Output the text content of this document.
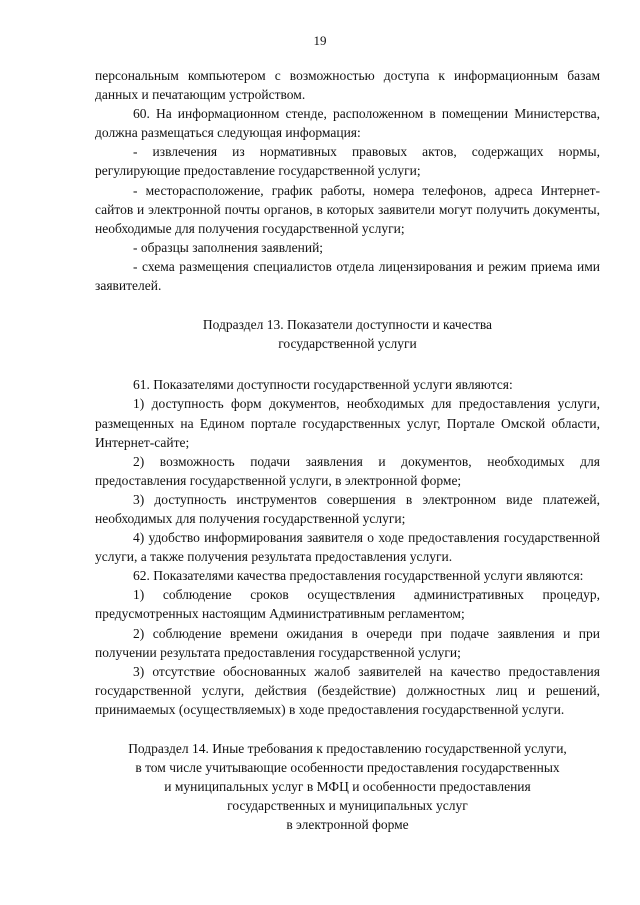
19

персональным компьютером с возможностью доступа к информационным базам данных и печатающим устройством.

60. На информационном стенде, расположенном в помещении Министерства, должна размещаться следующая информация:

- извлечения из нормативных правовых актов, содержащих нормы, регулирующие предоставление государственной услуги;

- месторасположение, график работы, номера телефонов, адреса Интернет-сайтов и электронной почты органов, в которых заявители могут получить документы, необходимые для получения государственной услуги;

- образцы заполнения заявлений;

- схема размещения специалистов отдела лицензирования и режим приема ими заявителей.

Подраздел 13. Показатели доступности и качества
государственной услуги

61. Показателями доступности государственной услуги являются:

1) доступность форм документов, необходимых для предоставления услуги, размещенных на Едином портале государственных услуг, Портале Омской области, Интернет-сайте;

2) возможность подачи заявления и документов, необходимых для предоставления государственной услуги, в электронной форме;

3) доступность инструментов совершения в электронном виде платежей, необходимых для получения государственной услуги;

4) удобство информирования заявителя о ходе предоставления государственной услуги, а также получения результата предоставления услуги.

62. Показателями качества предоставления государственной услуги являются:

1) соблюдение сроков осуществления административных процедур, предусмотренных настоящим Административным регламентом;

2) соблюдение времени ожидания в очереди при подаче заявления и при получении результата предоставления государственной услуги;

3) отсутствие обоснованных жалоб заявителей на качество предоставления государственной услуги, действия (бездействие) должностных лиц и решений, принимаемых (осуществляемых) в ходе предоставления государственной услуги.

Подраздел 14. Иные требования к предоставлению государственной услуги,
в том числе учитывающие особенности предоставления государственных
и муниципальных услуг в МФЦ и особенности предоставления
государственных и муниципальных услуг
в электронной форме
